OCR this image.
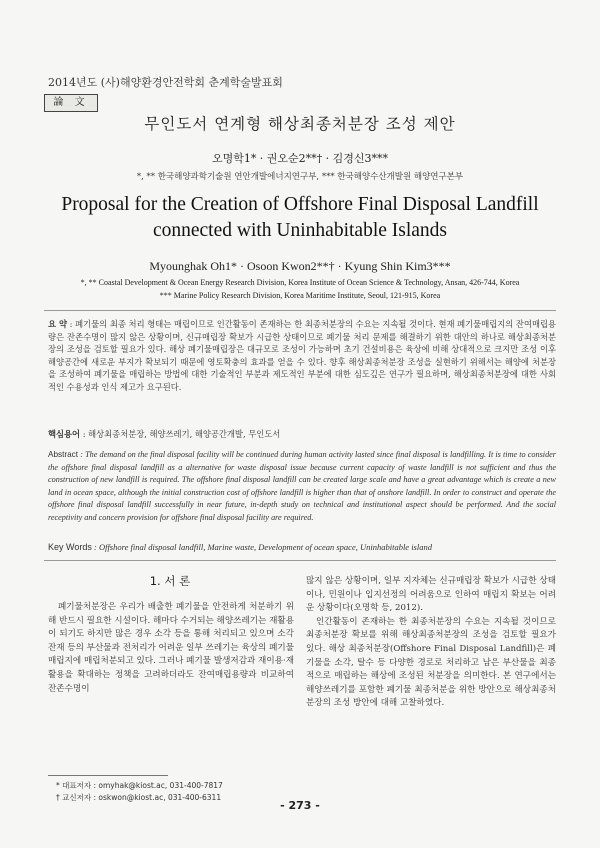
2014년도 (사)해양환경안전학회 춘계학술발표회
論 文
무인도서 연계형 해상최종처분장 조성 제안
오명학1* · 권오순2**† · 김경신3***
*, ** 한국해양과학기술원 연안개발에너지연구부, *** 한국해양수산개발원 해양연구본부
Proposal for the Creation of Offshore Final Disposal Landfill connected with Uninhabitable Islands
Myounghak Oh1* · Osoon Kwon2**† · Kyung Shin Kim3***
*, ** Coastal Development & Ocean Energy Research Division, Korea Institute of Ocean Science & Technology, Ansan, 426-744, Korea
*** Marine Policy Research Division, Korea Maritime Institute, Seoul, 121-915, Korea
요 약 : 폐기물의 최종 처리 형태는 매립이므로 인간활동이 존재하는 한 최종처분장의 수요는 지속될 것이다. 현재 폐기물매립지의 잔여매립용량은 잔존수명이 많지 않은 상황이며, 신규매립장 확보가 시급한 상태이므로 폐기물 처리 문제를 해결하기 위한 대안의 하나로 해상최종처분장의 조성을 검토할 필요가 있다. 해상 폐기물매립장은 대규모로 조성이 가능하며 초기 건설비용은 육상에 비해 상대적으로 크지만 조성 이후 해양공간에 새로운 부지가 확보되기 때문에 영토확충의 효과를 얻을 수 있다. 향후 해상최종처분장 조성을 실현하기 위해서는 해양에 처분장을 조성하여 폐기물을 매립하는 방법에 대한 기술적인 부분과 제도적인 부분에 대한 심도깊은 연구가 필요하며, 해상최종처분장에 대한 사회적인 수용성과 인식 제고가 요구된다.
핵심용어 : 해상최종처분장, 해양쓰레기, 해양공간개발, 무인도서
Abstract : The demand on the final disposal facility will be continued during human activity lasted since final disposal is landfilling. It is time to consider the offshore final disposal landfill as a alternative for waste disposal issue because current capacity of waste landfill is not sufficient and thus the construction of new landfill is required. The offshore final disposal landfill can be created large scale and have a great advantage which is create a new land in ocean space, although the initial construction cost of offshore landfill is higher than that of onshore landfill. In order to construct and operate the offshore final disposal landfill successfully in near future, in-depth study on technical and institutional aspect should be performed. And the social receptivity and concern provision for offshore final disposal facility are required.
Key Words : Offshore final disposal landfill, Marine waste, Development of ocean space, Uninhabitable island
1. 서 론
폐기물처분장은 우리가 배출한 폐기물을 안전하게 처분하기 위해 반드시 필요한 시설이다. 해마다 수거되는 해양쓰레기는 재활용이 되기도 하지만 많은 경우 소각 등을 통해 처리되고 있으며 소각잔재 등의 부산물과 전처리가 어려운 일부 쓰레기는 육상의 폐기물매립지에 매립처분되고 있다. 그러나 폐기물 발생저감과 재이용·재활용을 확대하는 정책을 고려하더라도 잔여매립용량과 비교하여 잔존수명이
많지 않은 상황이며, 일부 지자체는 신규매립장 확보가 시급한 상태이나, 민원이나 입지선정의 어려움으로 인하여 매립지 확보는 어려운 상황이다(오명학 등, 2012).
인간활동이 존재하는 한 최종처분장의 수요는 지속될 것이므로 최종처분장 확보를 위해 해상최종처분장의 조성을 검토할 필요가 있다. 해상 최종처분장(Offshore Final Disposal Landfill)은 폐기물을 소각, 탈수 등 다양한 경로로 처리하고 남은 부산물을 최종적으로 매립하는 해상에 조성된 처분장을 의미한다. 본 연구에서는 해양쓰레기를 포함한 폐기물 최종처분을 위한 방안으로 해상최종처분장의 조성 방안에 대해 고찰하였다.
* 대표저자 : omyhak@kiost.ac, 031-400-7817
† 교신저자 : oskwon@kiost.ac, 031-400-6311
- 273 -
